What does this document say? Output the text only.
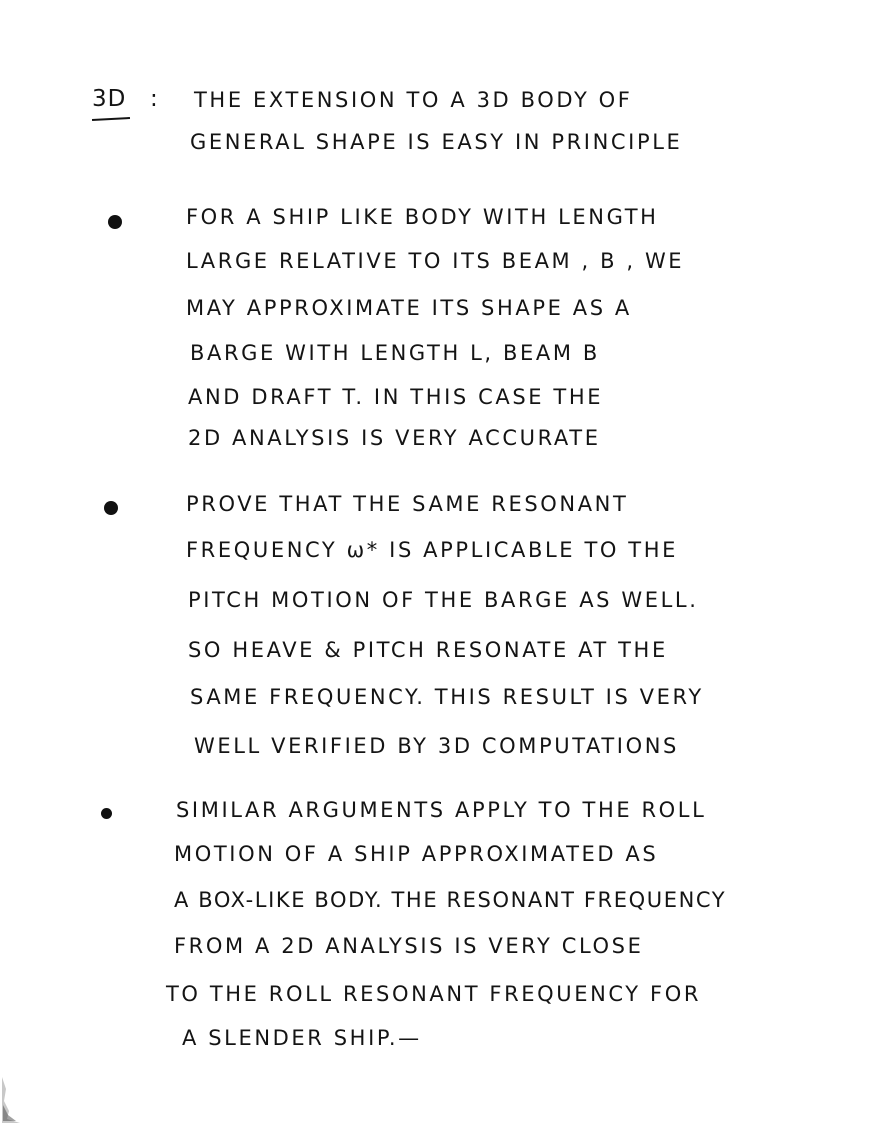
3D : THE EXTENSION TO A 3D BODY OF
GENERAL SHAPE IS EASY IN PRINCIPLE
FOR A SHIP LIKE BODY WITH LENGTH
LARGE RELATIVE TO ITS BEAM , B , WE
MAY APPROXIMATE ITS SHAPE AS A
BARGE WITH LENGTH L, BEAM B
AND DRAFT T. IN THIS CASE THE
2D ANALYSIS IS VERY ACCURATE
PROVE THAT THE SAME RESONANT
FREQUENCY ω* IS APPLICABLE TO THE
PITCH MOTION OF THE BARGE AS WELL.
SO HEAVE & PITCH RESONATE AT THE
SAME FREQUENCY. THIS RESULT IS VERY
WELL VERIFIED BY 3D COMPUTATIONS
SIMILAR ARGUMENTS APPLY TO THE ROLL
MOTION OF A SHIP APPROXIMATED AS
A BOX-LIKE BODY. THE RESONANT FREQUENCY
FROM A 2D ANALYSIS IS VERY CLOSE
TO THE ROLL RESONANT FREQUENCY FOR
A SLENDER SHIP.—
